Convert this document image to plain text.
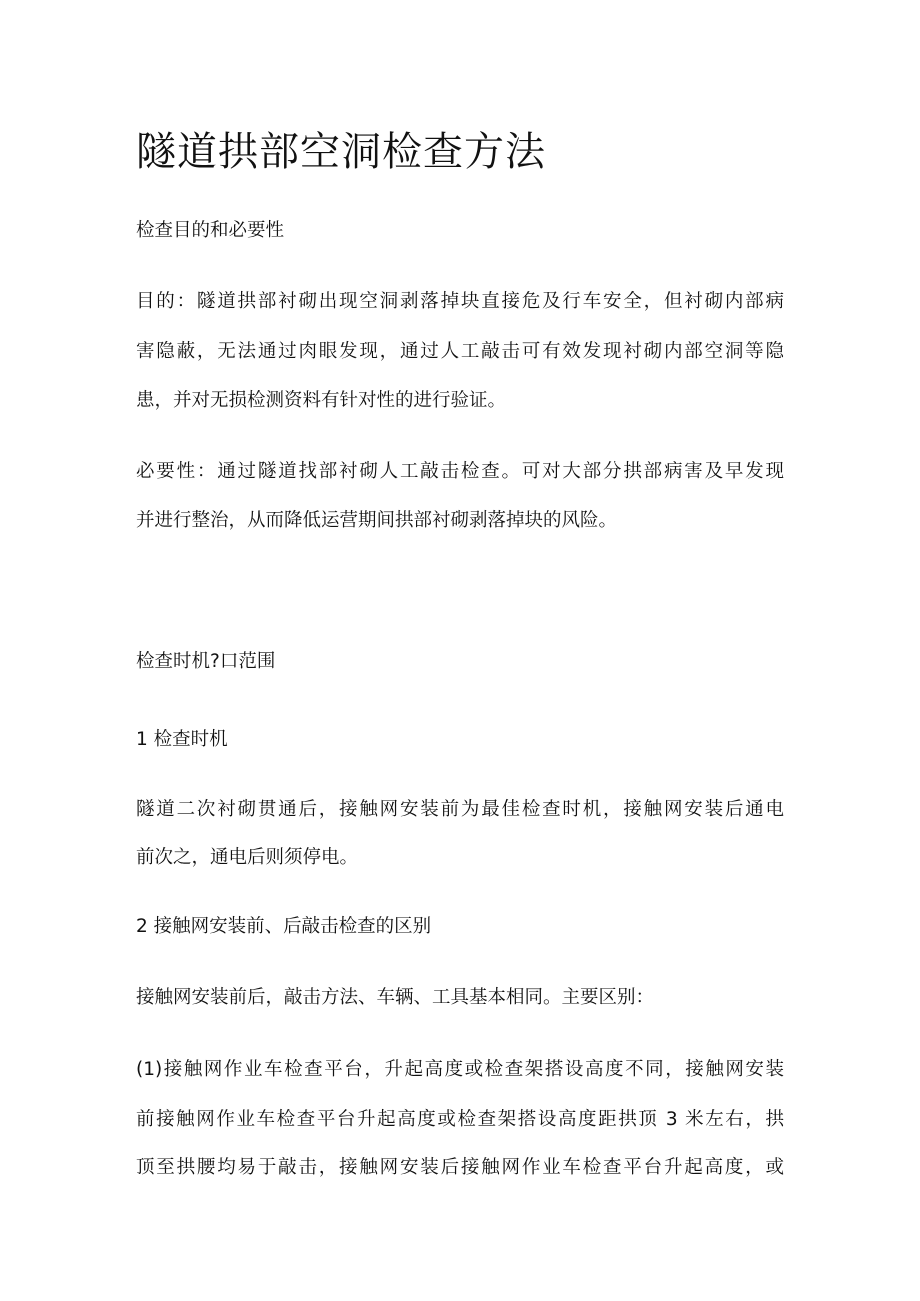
隧道拱部空洞检查方法

检查目的和必要性

目的：隧道拱部衬砌出现空洞剥落掉块直接危及行车安全，但衬砌内部病

害隐蔽，无法通过肉眼发现，通过人工敲击可有效发现衬砌内部空洞等隐

患，并对无损检测资料有针对性的进行验证。

必要性：通过隧道找部衬砌人工敲击检查。可对大部分拱部病害及早发现

并进行整治，从而降低运营期间拱部衬砌剥落掉块的风险。

检查时机?口范围

1 检查时机

隧道二次衬砌贯通后，接触网安装前为最佳检查时机，接触网安装后通电

前次之，通电后则须停电。

2 接触网安装前、后敲击检查的区别

接触网安装前后，敲击方法、车辆、工具基本相同。主要区别：

(1)接触网作业车检查平台，升起高度或检查架搭设高度不同，接触网安装

前接触网作业车检查平台升起高度或检查架搭设高度距拱顶 3 米左右，拱

顶至拱腰均易于敲击，接触网安装后接触网作业车检查平台升起高度，或
